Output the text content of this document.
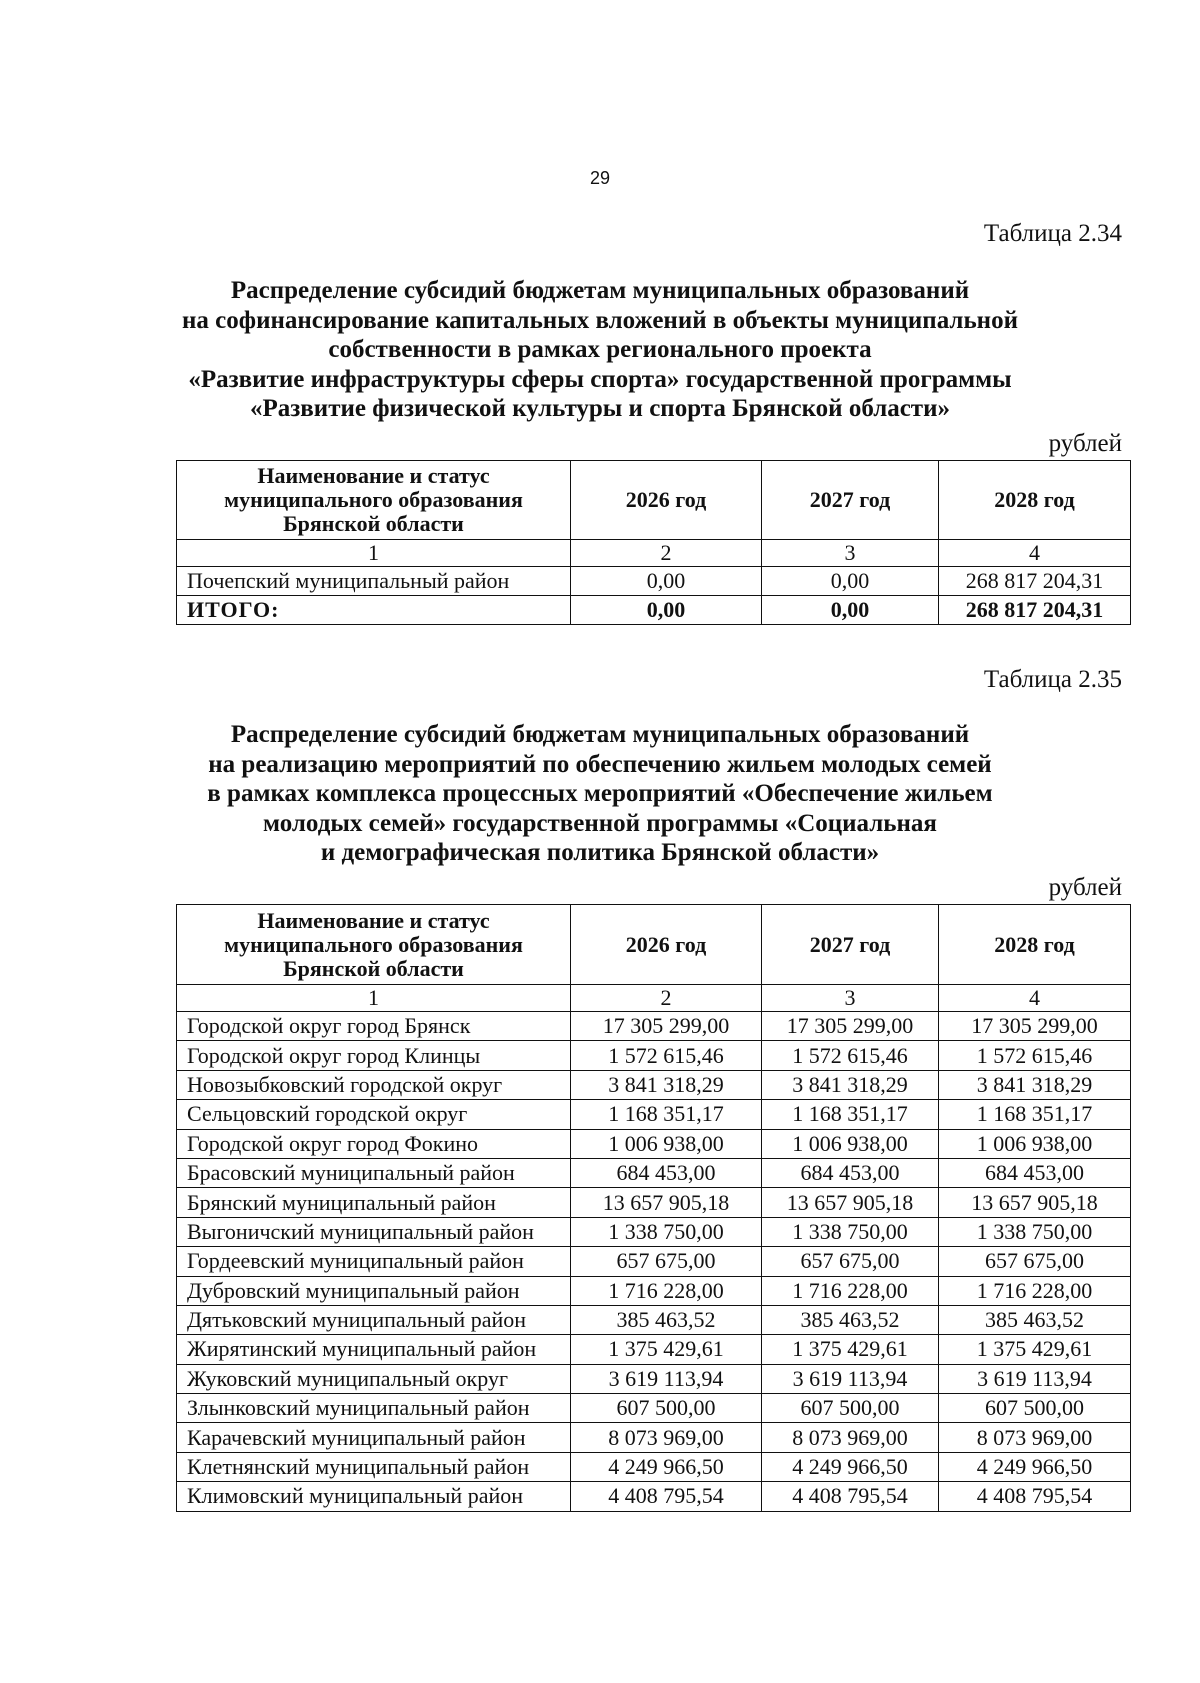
29
Таблица 2.34
Распределение субсидий бюджетам муниципальных образований
на софинансирование капитальных вложений в объекты муниципальной
собственности в рамках регионального проекта
«Развитие инфраструктуры сферы спорта» государственной программы
«Развитие физической культуры и спорта Брянской области»
рублей
Наименование и статус муниципального образования Брянской области	2026 год	2027 год	2028 год
1	2	3	4
Почепский муниципальный район	0,00	0,00	268 817 204,31
ИТОГО:	0,00	0,00	268 817 204,31
Таблица 2.35
Распределение субсидий бюджетам муниципальных образований
на реализацию мероприятий по обеспечению жильем молодых семей
в рамках комплекса процессных мероприятий «Обеспечение жильем
молодых семей» государственной программы «Социальная
и демографическая политика Брянской области»
рублей
Наименование и статус муниципального образования Брянской области	2026 год	2027 год	2028 год
1	2	3	4
Городской округ город Брянск	17 305 299,00	17 305 299,00	17 305 299,00
Городской округ город Клинцы	1 572 615,46	1 572 615,46	1 572 615,46
Новозыбковский городской округ	3 841 318,29	3 841 318,29	3 841 318,29
Сельцовский городской округ	1 168 351,17	1 168 351,17	1 168 351,17
Городской округ город Фокино	1 006 938,00	1 006 938,00	1 006 938,00
Брасовский муниципальный район	684 453,00	684 453,00	684 453,00
Брянский муниципальный район	13 657 905,18	13 657 905,18	13 657 905,18
Выгоничский муниципальный район	1 338 750,00	1 338 750,00	1 338 750,00
Гордеевский муниципальный район	657 675,00	657 675,00	657 675,00
Дубровский муниципальный район	1 716 228,00	1 716 228,00	1 716 228,00
Дятьковский муниципальный район	385 463,52	385 463,52	385 463,52
Жирятинский муниципальный район	1 375 429,61	1 375 429,61	1 375 429,61
Жуковский муниципальный округ	3 619 113,94	3 619 113,94	3 619 113,94
Злынковский муниципальный район	607 500,00	607 500,00	607 500,00
Карачевский муниципальный район	8 073 969,00	8 073 969,00	8 073 969,00
Клетнянский муниципальный район	4 249 966,50	4 249 966,50	4 249 966,50
Климовский муниципальный район	4 408 795,54	4 408 795,54	4 408 795,54
